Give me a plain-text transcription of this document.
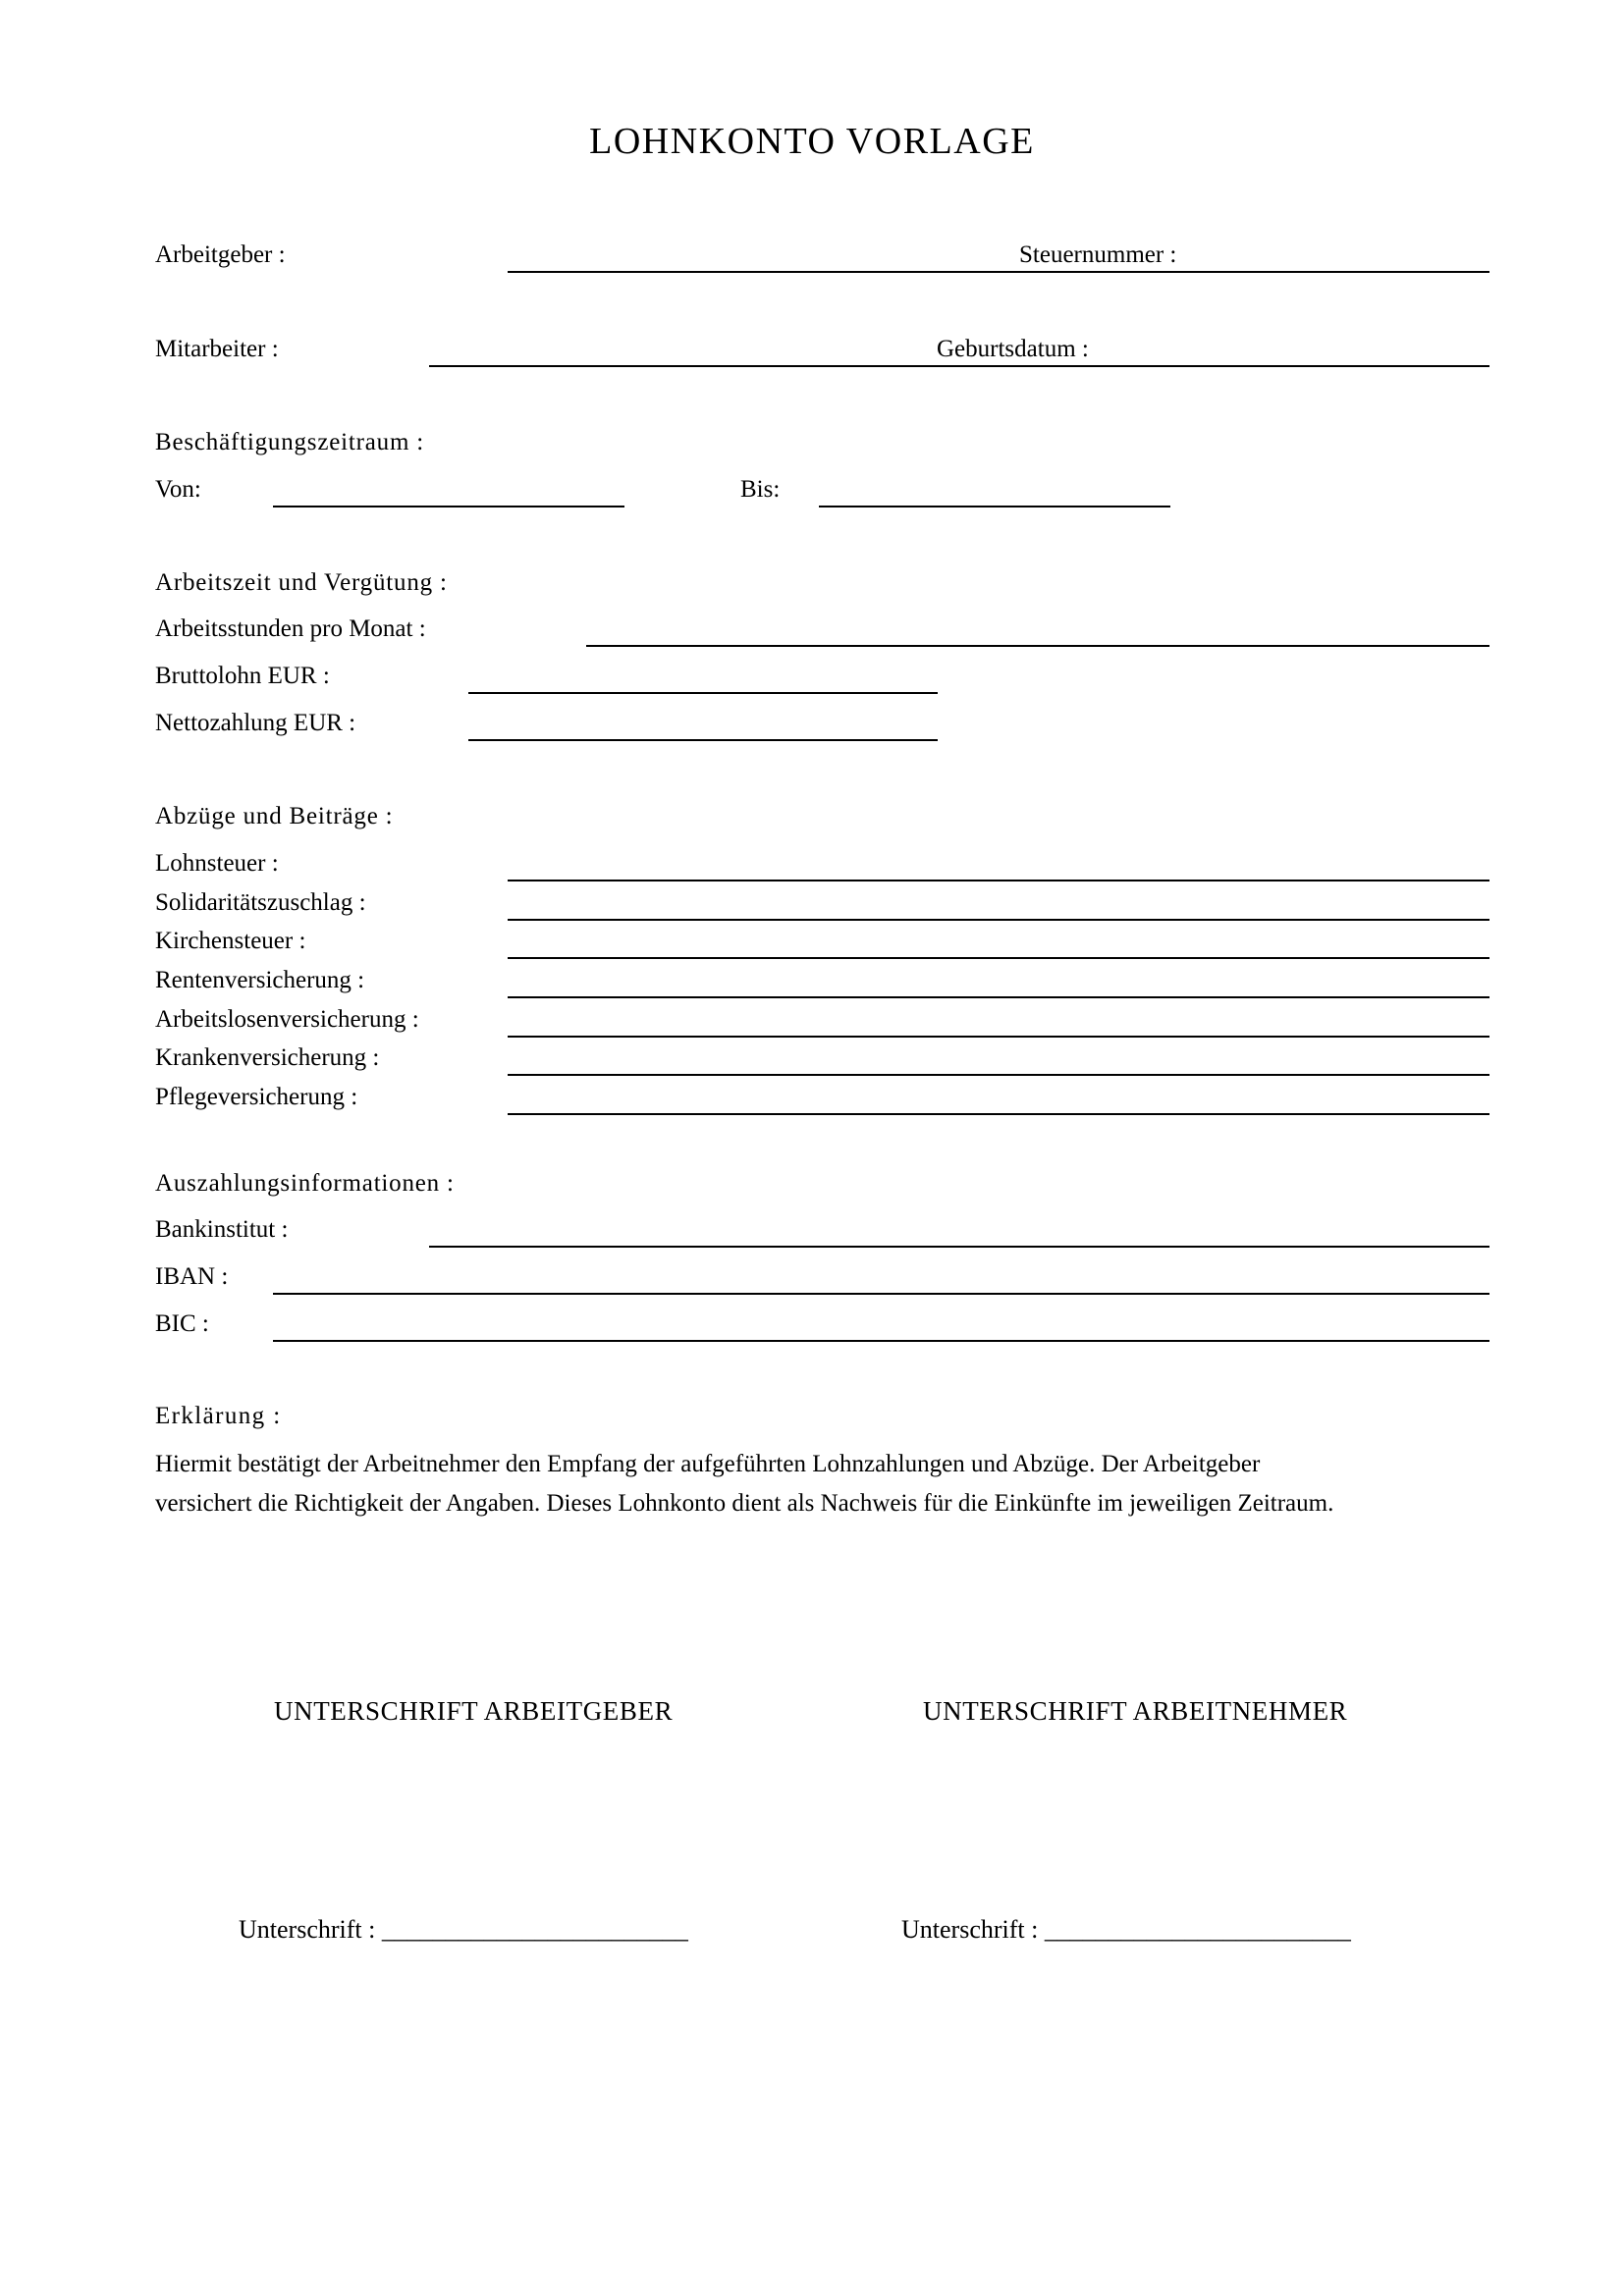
LOHNKONTO VORLAGE
Arbeitgeber :	Steuernummer :
Mitarbeiter :	Geburtsdatum :
Beschäftigungszeitraum :
Von:	Bis:
Arbeitszeit und Vergütung :
Arbeitsstunden pro Monat :
Bruttolohn EUR :
Nettozahlung EUR :
Abzüge und Beiträge :
Lohnsteuer :
Solidaritätszuschlag :
Kirchensteuer :
Rentenversicherung :
Arbeitslosenversicherung :
Krankenversicherung :
Pflegeversicherung :
Auszahlungsinformationen :
Bankinstitut :
IBAN :
BIC :
Erklärung :
Hiermit bestätigt der Arbeitnehmer den Empfang der aufgeführten Lohnzahlungen und Abzüge. Der Arbeitgeber
versichert die Richtigkeit der Angaben. Dieses Lohnkonto dient als Nachweis für die Einkünfte im jeweiligen Zeitraum.
UNTERSCHRIFT ARBEITGEBER	UNTERSCHRIFT ARBEITNEHMER
Unterschrift : ________________________	Unterschrift : ________________________
